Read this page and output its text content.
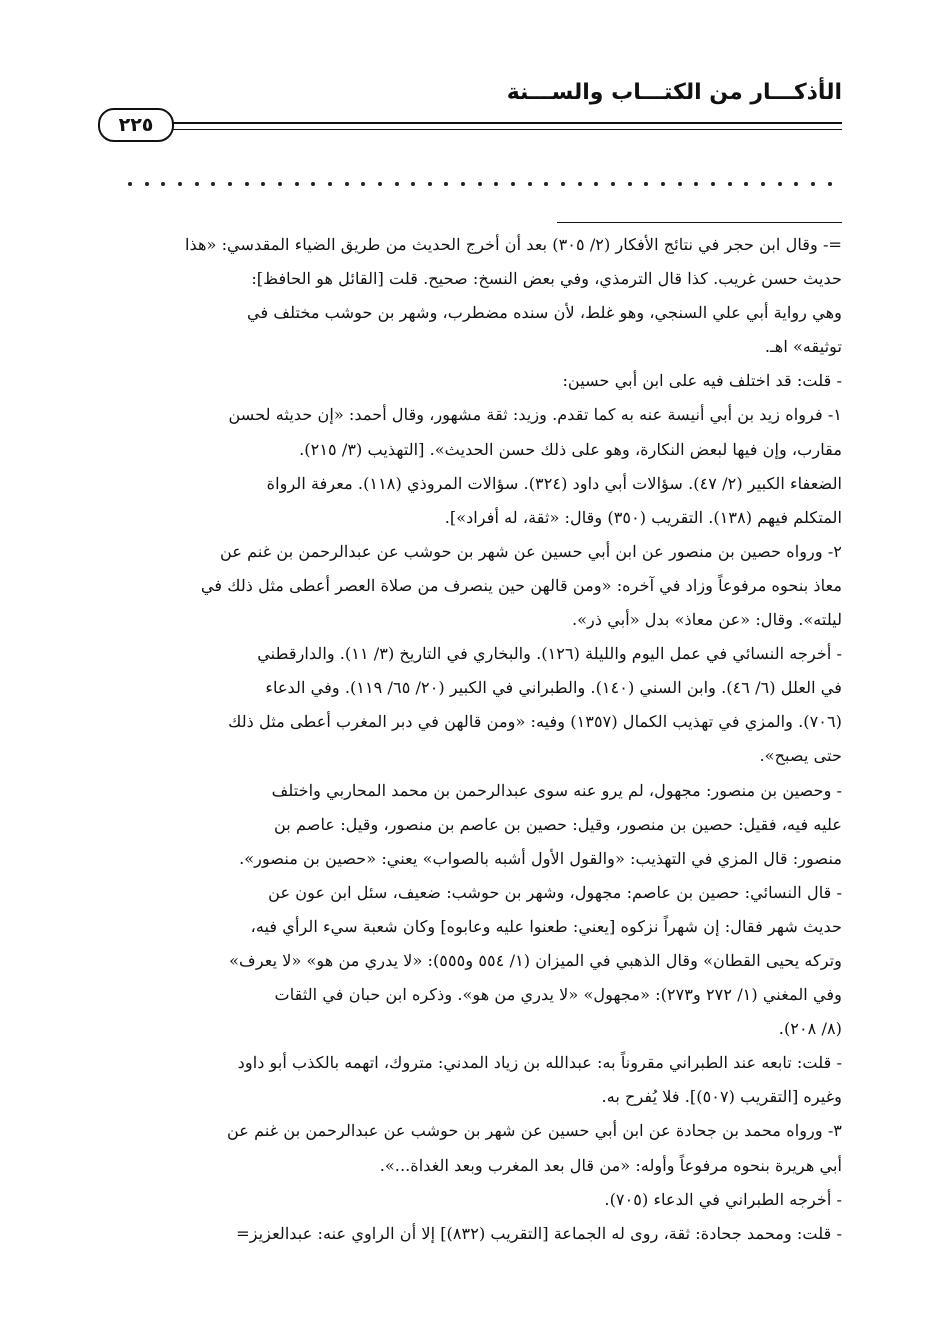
الأذكـــار من الكتـــاب والســـنة
٢٢٥

=- وقال ابن حجر في نتائج الأفكار (٢/ ٣٠٥) بعد أن أخرج الحديث من طريق الضياء المقدسي: «هذا

حديث حسن غريب. كذا قال الترمذي، وفي بعض النسخ: صحيح. قلت [القائل هو الحافظ]:

وهي رواية أبي علي السنجي، وهو غلط، لأن سنده مضطرب، وشهر بن حوشب مختلف في

توثيقه» اهـ.

- قلت: قد اختلف فيه على ابن أبي حسين:

١- فرواه زيد بن أبي أنيسة عنه به كما تقدم. وزيد: ثقة مشهور، وقال أحمد: «إن حديثه لحسن

مقارب، وإن فيها لبعض النكارة، وهو على ذلك حسن الحديث». [التهذيب (٣/ ٢١٥).

الضعفاء الكبير (٢/ ٤٧). سؤالات أبي داود (٣٢٤). سؤالات المروذي (١١٨). معرفة الرواة

المتكلم فيهم (١٣٨). التقريب (٣٥٠) وقال: «ثقة، له أفراد»].

٢- ورواه حصين بن منصور عن ابن أبي حسين عن شهر بن حوشب عن عبدالرحمن بن غنم عن

معاذ بنحوه مرفوعاً وزاد في آخره: «ومن قالهن حين ينصرف من صلاة العصر أعطى مثل ذلك في

ليلته». وقال: «عن معاذ» بدل «أبي ذر».

- أخرجه النسائي في عمل اليوم والليلة (١٢٦). والبخاري في التاريخ (٣/ ١١). والدارقطني

في العلل (٦/ ٤٦). وابن السني (١٤٠). والطبراني في الكبير (٢٠/ ٦٥/ ١١٩). وفي الدعاء

(٧٠٦). والمزي في تهذيب الكمال (١٣٥٧) وفيه: «ومن قالهن في دبر المغرب أعطى مثل ذلك

حتى يصبح».

- وحصين بن منصور: مجهول، لم يرو عنه سوى عبدالرحمن بن محمد المحاربي واختلف

عليه فيه، فقيل: حصين بن منصور، وقيل: حصين بن عاصم بن منصور، وقيل: عاصم بن

منصور: قال المزي في التهذيب: «والقول الأول أشبه بالصواب» يعني: «حصين بن منصور».

- قال النسائي: حصين بن عاصم: مجهول، وشهر بن حوشب: ضعيف، سئل ابن عون عن

حديث شهر فقال: إن شهراً نزكوه [يعني: طعنوا عليه وعابوه] وكان شعبة سيء الرأي فيه،

وتركه يحيى القطان» وقال الذهبي في الميزان (١/ ٥٥٤ و٥٥٥): «لا يدري من هو» «لا يعرف»

وفي المغني (١/ ٢٧٢ و٢٧٣): «مجهول» «لا يدري من هو». وذكره ابن حبان في الثقات

(٨/ ٢٠٨).

- قلت: تابعه عند الطبراني مقروناً به: عبدالله بن زياد المدني: متروك، اتهمه بالكذب أبو داود

وغيره [التقريب (٥٠٧)]. فلا يُفرح به.

٣- ورواه محمد بن جحادة عن ابن أبي حسين عن شهر بن حوشب عن عبدالرحمن بن غنم عن

أبي هريرة بنحوه مرفوعاً وأوله: «من قال بعد المغرب وبعد الغداة...».

- أخرجه الطبراني في الدعاء (٧٠٥).

- قلت: ومحمد جحادة: ثقة، روى له الجماعة [التقريب (٨٣٢)] إلا أن الراوي عنه: عبدالعزيز=
